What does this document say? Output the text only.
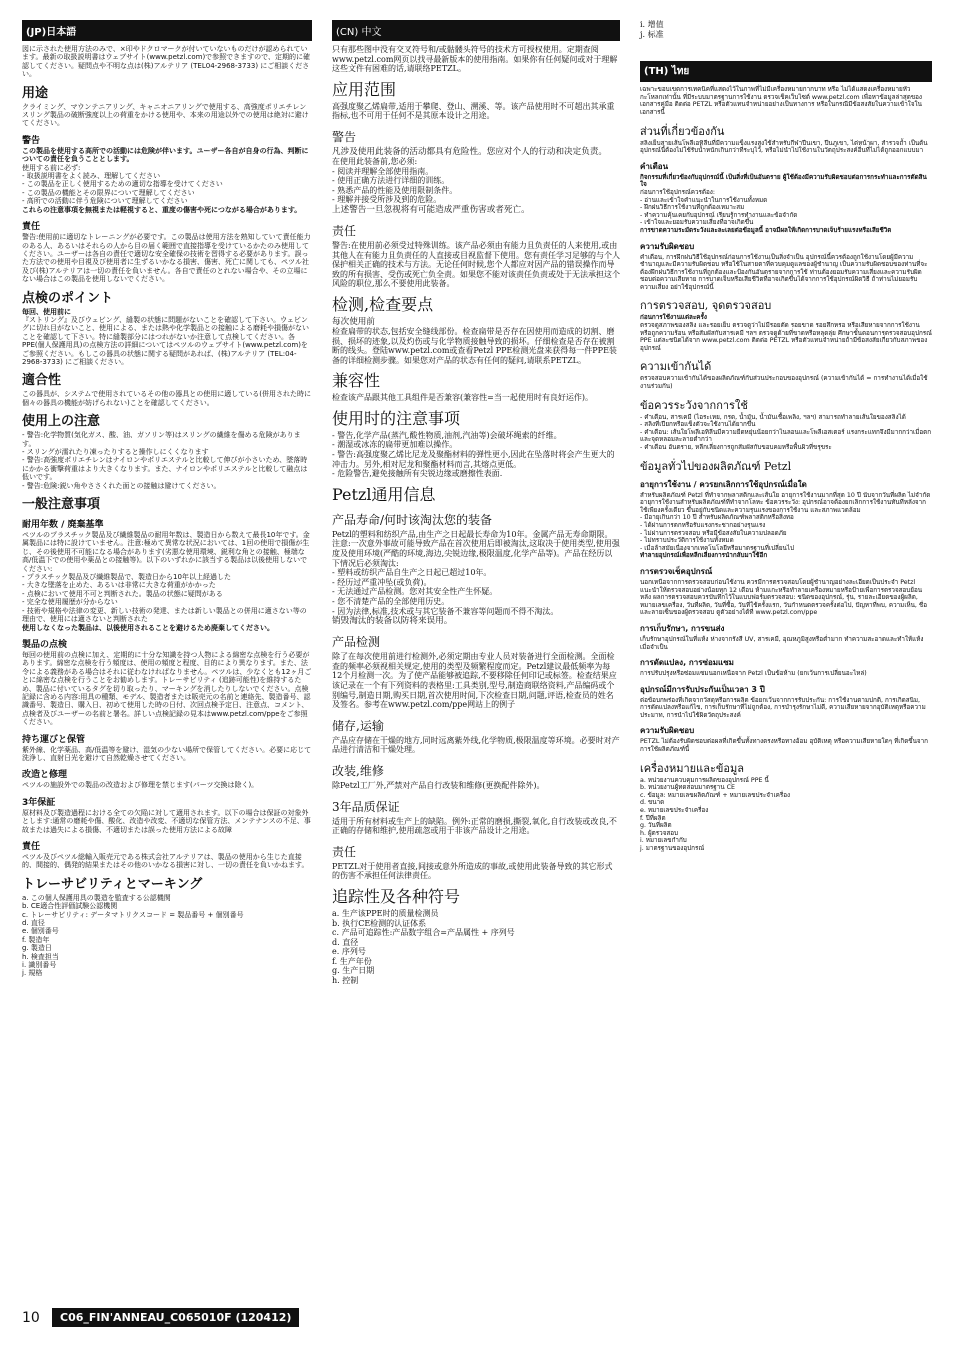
(JP)日本語

図に示された使用方法のみで、×印やドクロマークが付いていないものだけが認められています。最新の取扱説明書はウェブサイト(www.petzl.com)で参照できますので、定期的に確認してください。疑問点や不明な点は(株)アルテリア (TEL04-2968-3733) にご相談ください。

用途

クライミング、マウンテニアリング、キャニオニアリングで使用する、高強度ポリエチレンスリング製品の破断強度以上の荷重をかける使用や、本来の用途以外での使用は絶対に避けてください。

警告

この製品を使用する高所での活動には危険が伴います。ユーザー各自が自身の行為、判断についての責任を負うこととします。

使用する前に必ず:

- 取扱説明書をよく読み、理解してください
- この製品を正しく使用するための適切な指導を受けてください
- この製品の機能とその限界について理解してください
- 高所での活動に伴う危険について理解してください

これらの注意事項を無視または軽視すると、重度の傷害や死につながる場合があります。

責任

警告:使用前に適切なトレーニングが必要です。この製品は使用方法を熟知していて責任能力のある人、あるいはそれらの人から目の届く範囲で直接指導を受けているかたのみ使用してください。ユーザーは各自の責任で適切な安全確保の技術を習得する必要があります。誤った方法での使用や目視及び使用者に生ずるいかなる損害、傷害、死亡に関しても、ペツル社及び(株)アルテリアは一切の責任を負いません。各自で責任のとれない場合や、その立場にない場合はこの製品を使用しないでください。

点検のポイント

毎回、使用前に

『ストリング』及びウェビング、縫製の状態に問題がないことを確認して下さい。ウェビングに切れ目がないこと、使用による、または熱や化学製品との接触による磨耗や損傷がないことを確認して下さい。特に縫製部分にはつれがないか注意して点検してください。各PPE(個人保護用具)の点検方法の詳細についてはペツルのウェブサイト(www.petzl.com)をご参照ください。もしこの器具の状態に関する疑問があれば、(株)アルテリア (TEL:04-2968-3733) にご相談ください。

適合性

この器具が、システムで使用されているその他の器具との使用に適している(併用された時に個々の器具の機能が妨げられない)ことを確認してください。

使用上の注意
- 警告:化学物質(気化ガス、酸、油、ガソリン等)はスリングの繊維を傷める危険があります。
- スリングが濡れたり凍ったりすると操作しにくくなります
- 警告:高強度ポリエチレンはナイロンやポリエステルと比較して伸びが小さいため、墜落時にかかる衝撃荷重はより大きくなります。また、ナイロンやポリエステルと比較して融点は低いです。
- 警告:危険:鋭い角やささくれた面との接触は避けてください。
一般注意事項
耐用年数 / 廃棄基準

ペツルのプラスチック製品及び繊維製品の耐用年数は、製造日から数えて最長10年です。金属製品には特に設けていません。注意:極めて異常な状況においては、1回の使用で損傷が生じ、その後使用不可能になる場合があります(劣悪な使用環境、鋭利な角との接触、極端な高/低温下での使用や薬品との接触等)。以下のいずれかに該当する製品は以後使用しないでください:

- プラスチック製品及び繊維製品で、製造日から10年以上経過した
- 大きな墜落を止めた、あるいは非常に大きな荷重がかかった
- 点検において使用不可と判断された。製品の状態に疑問がある
- 完全な使用履歴が分からない
- 技術や規格や法律の変更、新しい技術の発達、または新しい製品との併用に適さない等の理由で、使用には適さないと判断された

使用しなくなった製品は、以後使用されることを避けるため廃棄してください。

製品の点検

毎回の使用前の点検に加え、定期的に十分な知識を持つ人物による綿密な点検を行う必要があります。綿密な点検を行う頻度は、使用の頻度と程度、目的により異なります。また、法令による義務がある場合はそれに従わなければなりません。ペツルは、少なくとも12ヶ月ごとに綿密な点検を行うことをお勧めします。トレーサビリティ (追跡可能性)を維持するため、製品に付いているタグを切り取ったり、マーキングを消したりしないでください。点検記録に含める内容:用具の種類、モデル、製造者または販売元の名前と連絡先、製造番号、認識番号、製造日、購入日、初めて使用した時の日付、次回点検予定日、注意点、コメント、点検者及びユーザーの名前と署名。詳しい点検記録の見本はwww.petzl.com/ppeをご参照ください。

持ち運びと保管

紫外線、化学薬品、高/低温等を避け、湿気の少ない場所で保管してください。必要に応じて洗浄し、直射日光を避けて自然乾燥させてください。

改造と修理

ペツルの施設外での製品の改造および修理を禁じます(パーツ交換は除く)。

3年保証

原材料及び製造過程における全ての欠陥に対して適用されます。以下の場合は保証の対象外とします:通常の磨耗や傷、酸化、改造や改変、不適切な保管方法、メンテナンスの不足、事故または過失による損傷、不適切または誤った使用方法による故障

責任

ペツル及びペツル総輸入販売元である株式会社アルテリアは、製品の使用から生じた直接的、間接的、偶発的結果またはその他のいかなる損害に対し、一切の責任を負いかねます。

トレーサビリティとマーキング
a. この個人保護用具の製造を監査する公認機関
b. CE適合性評価試験公認機関
c. トレーサビリティ: データマトリクスコード = 製品番号 + 個別番号
d. 直径
e. 個別番号
f. 製造年
g. 製造日
h. 検査担当
i. 識別番号
j. 規格
(CN) 中文

只有那些图中没有交叉符号和/或骷髅头符号的技术方可授权使用。定期查阅www.petzl.com网页以找寻最新版本的使用指南。如果你有任何疑问或对于理解这些文件有困难的话,请联络PETZL。

应用范围

高强度聚乙烯扁带,适用于攀爬、登山、溯溪、等。该产品使用时不可超出其承重指标,也不可用于任何不是其原本设计之用途。

警告

凡涉及使用此装备的活动都具有危险性。您应对个人的行动和决定负责。

在使用此装备前,您必须:

- 阅读并理解全部使用指南。
- 使用正确方法进行详细的训练。
- 熟悉产品的性能及使用限制条件。
- 理解并接受所涉及到的危险。

上述警告一旦忽视将有可能造成严重伤害或者死亡。

责任

警告:在使用前必须受过特殊训练。该产品必须由有能力且负责任的人来使用,或由其他人在有能力且负责任的人直接或目视监督下使用。您有责任学习足够的与个人保护相关正确的技术与方法。无论任何时候,您个人都应对因产品的错误操作而导致的所有损害、受伤或死亡负全责。如果您不能对该责任负责或处于无法承担这个风险的职位,那么不要使用此装备。

检测,检查要点

每次使用前

检查扁带的状态,包括安全缝线部份。检查扁带是否存在因使用而造成的切割、磨损、损坏的迹象,以及灼伤或与化学物质接触导致的损坏。仔细检查是否存在被割断的线头。登陆www.petzl.com或查看Petzl PPE检测光盘来获得每一件PPE装备的详细检测步骤。如果您对产品的状态有任何的疑问,请联系PETZL。

兼容性

检查该产品跟其他工具组件是否兼容(兼容性=当一起使用时有良好运作)。

使用时的注意事项
- 警告,化学产品(蒸汽,酸性物质,油剂,汽油等)会破坏绳索的纤维。
- 潮湿或冰冻的扁带更加难以操作。
- 警告:高强度聚乙烯比尼龙及聚酯材料的弹性更小,因此在坠落时将会产生更大的冲击力。另外,相对尼龙和聚酯材料而言,其熔点更低。
- 危险警告,避免接触所有尖锐边缘或磨擦性表面.
Petzl通用信息
产品寿命/何时该淘汰您的装备

Petzl的塑料和纺织产品,由生产之日起最长寿命为10年。金属产品无寿命期限。注意:一次意外事故可能导致产品在首次使用后即被淘汰,这取决于使用类型,使用强度及使用环境(严酷的环境,海边,尖锐边缘,极限温度,化学产品等)。产品在经历以下情况后必须淘汰:

- 塑料或纺织产品自生产之日起已超过10年。
- 经历过严重冲坠(或负荷)。
- 无法通过产品检测。您对其安全性产生怀疑。
- 您不清楚产品的全部使用历史。
- 因为法律,标准,技术或与其它装备不兼容等问题而不得不淘汰。

销毁淘汰的装备以防将来误用。

产品检测

除了在每次使用前进行检测外,必须定期由专业人员对装备进行全面检测。全面检查的频率必须视相关规定,使用的类型及频繁程度而定。Petzl建议最低频率为每12个月检测一次。为了使产品能够被追踪,不要移除任何印记或标签。检查结果应该记录在一个有下列资料的表格里:工具类别,型号,制造商联络资料,产品编码或个别编号,制造日期,购买日期,首次使用时间,下次检查日期,问题,评语,检查员的姓名及签名。参考在www.petzl.com/ppe网站上的例子

储存,运输

产品应存储在干燥的地方,同时远离紫外线,化学物质,极限温度等环境。必要时对产品进行清洁和干燥处理。

改装,维修

除Petzl工厂外,严禁对产品自行改装和维修(更换配件除外)。

3年品质保证

适用于所有材料或生产上的缺陷。例外:正常的磨损,撕裂,氧化,自行改装或改良,不正确的存储和维护,使用疏忽或用于非该产品设计之用途。

责任

PETZL对于使用者直接,间接或意外所造成的事故,或使用此装备导致的其它形式的伤害不承担任何法律责任。

追踪性及各种符号
a. 生产该PPE时的质量检测员
b. 执行CE检测的认证体系
c. 产品可追踪性:产品数字组合=产品属性 + 序列号
d. 直径
e. 序列号
f. 生产年份
g. 生产日期
h. 控制
i. 增值
j. 标准
(TH) ไทย

เฉพาะขอบเขตการเทคนิคที่แสดงไว้ในภาพที่ไม่มีเครื่องหมายกากบาท หรือ ไม่ได้แสดงเครื่องหมายหัวกะโหลกเท่านั้น ที่มีระบบมาตรฐานการใช้งาน ตรวจเช็คเว็บไซต์ www.petzl.com เพื่อหาข้อมูลล่าสุดของเอกสารคู่มือ ติดต่อ PETZL หรือตัวแทนจำหน่ายอย่างเป็นทางการ หรือในกรณีมีข้อสงสัยในความเข้าใจในเอกสารนี้

ส่วนที่เกี่ยวข้องกัน

สลิงเย็บสายเส้นโพลีเอทิลีนที่มีความแข็งแรงสูงใช้สำหรับกีฬาปีนเขา, ปีนภูเขา, ไต่หน้าผา, สำรวจถ้ำ เป็นต้น อุปกรณ์นี้ต้องไม่ใช้รับน้ำหนักเกินกว่าที่ระบุไว้, หรือไม่นำไปใช้งานในวัตถุประสงค์อื่นที่ไม่ได้ถูกออกแบบมา

คำเตือน

กิจกรรมที่เกี่ยวข้องกับอุปกรณ์นี้ เป็นสิ่งที่เป็นอันตราย ผู้ใช้ต้องมีความรับผิดชอบต่อการกระทำและการตัดสินใจ

ก่อนการใช้อุปกรณ์ควรต้อง:

- อ่านและเข้าใจคำแนะนำในการใช้งานทั้งหมด
- ฝึกฝนวิธีการใช้งานที่ถูกต้องเหมาะสม
- ทำความคุ้นเคยกับอุปกรณ์ เรียนรู้การทำงานและข้อจำกัด
- เข้าใจและยอมรับความเสี่ยงที่อาจเกิดขึ้น

การขาดความระมัดระวังและละเลยต่อข้อมูลนี้ อาจมีผลให้เกิดการบาดเจ็บร้ายแรงหรือเสียชีวิต

ความรับผิดชอบ

คำเตือน, การฝึกฝนวิธีใช้อุปกรณ์ก่อนการใช้งานเป็นสิ่งจำเป็น อุปกรณ์นี้ควรต้องถูกใช้งานโดยผู้มีความชำนาญและมีความรับผิดชอบ หรือใช้ในสายตาที่ควบคุมดูแลของผู้ชำนาญ เป็นความรับผิดชอบของท่านที่จะต้องฝึกฝนวิธีการใช้งานที่ถูกต้องและป้องกันอันตรายจากการใช้ ท่านต้องยอมรับความเสี่ยงและความรับผิดชอบต่อความเสียหาย การบาดเจ็บหรือเสียชีวิตที่อาจเกิดขึ้นได้จากการใช้อุปกรณ์ผิดวิธี ถ้าท่านไม่ยอมรับความเสี่ยง อย่าใช้อุปกรณ์นี้

การตรวจสอบ, จุดตรวจสอบ

ก่อนการใช้งานแต่ละครั้ง

ตรวจดูสภาพของสลิง และรอยเย็บ ตรวจดูว่าไม่มีรอยตัด รอยขาด รอยสึกหรอ หรือเสียหายจากการใช้งาน หรือถูกความร้อน หรือสัมผัสกับสารเคมี ฯลฯ ตรวจดูด้ายที่ขาดหรือหลุดลุ่ย ศึกษาขั้นตอนการตรวจสอบอุปกรณ์ PPE แต่ละชนิดได้จาก www.petzl.com ติดต่อ PETZL หรือตัวแทนจำหน่ายถ้ามีข้อสงสัยเกี่ยวกับสภาพของอุปกรณ์

ความเข้ากันได้

ตรวจสอบความเข้ากันได้ของผลิตภัณฑ์กับส่วนประกอบของอุปกรณ์ (ความเข้ากันได้ = การทำงานได้เมื่อใช้งานร่วมกัน)

ข้อควรระวังจากการใช้
- คำเตือน, สารเคมี (ไอระเหย, กรด, น้ำมัน, น้ำมันเชื้อเพลิง, ฯลฯ) สามารถทำลายเส้นใยของสลิงได้
- สลิงที่เปียกหรือแข็งตัวจะใช้งานได้ยากขึ้น
- คำเตือน: เส้นใยโพลีเอทิลีนมีความยืดหยุ่นน้อยกว่าไนลอนและโพลีเอสเตอร์ แรงกระแทกจึงมีมากกว่าเมื่อตก และจุดหลอมละลายต่ำกว่า
- คำเตือน อันตราย, หลีกเลี่ยงการถูกสัมผัสกับขอบคมหรือพื้นผิวที่ขรุขระ
ข้อมูลทั่วไปของผลิตภัณฑ์ Petzl
อายุการใช้งาน / ควรยกเลิกการใช้อุปกรณ์เมื่อใด

สำหรับผลิตภัณฑ์ Petzl ที่ทำจากพลาสติกและเส้นใย อายุการใช้งานมากที่สุด 10 ปี นับจากวันที่ผลิต ไม่จำกัดอายุการใช้งานสำหรับผลิตภัณฑ์ที่ทำจากโลหะ ข้อควรระวัง: อุปกรณ์อาจต้องยกเลิกการใช้งานทันทีหลังจากใช้เพียงครั้งเดียว ขึ้นอยู่กับชนิดและความรุนแรงของการใช้งาน และสภาพแวดล้อม

- มีอายุเกินกว่า 10 ปี สำหรับผลิตภัณฑ์พลาสติกหรือสิ่งทอ
- ได้ผ่านการตกหรือรับแรงกระชากอย่างรุนแรง
- ไม่ผ่านการตรวจสอบ หรือมีข้อสงสัยในความปลอดภัย
- ไม่ทราบประวัติการใช้งานทั้งหมด
- เมื่อล้าสมัยเนื่องจากเทคโนโลยีหรือมาตรฐานที่เปลี่ยนไป

ทำลายอุปกรณ์เพื่อหลีกเลี่ยงการนำกลับมาใช้อีก

การตรวจเช็คอุปกรณ์

นอกเหนือจากการตรวจสอบก่อนใช้งาน ควรมีการตรวจสอบโดยผู้ชำนาญอย่างละเอียดเป็นประจำ Petzl แนะนำให้ตรวจสอบอย่างน้อยทุก 12 เดือน ห้ามแกะหรือทำลายเครื่องหมายหรือป้ายเพื่อการตรวจสอบย้อนหลัง ผลการตรวจสอบควรบันทึกไว้ในแบบฟอร์มตรวจสอบ: ชนิดของอุปกรณ์, รุ่น, รายละเอียดของผู้ผลิต, หมายเลขเครื่อง, วันที่ผลิต, วันที่ซื้อ, วันที่ใช้ครั้งแรก, วันกำหนดตรวจครั้งต่อไป, ปัญหาที่พบ, ความเห็น, ชื่อและลายเซ็นของผู้ตรวจสอบ ดูตัวอย่างได้ที่ www.petzl.com/ppe

การเก็บรักษา, การขนส่ง

เก็บรักษาอุปกรณ์ในที่แห้ง ห่างจากรังสี UV, สารเคมี, อุณหภูมิสูงหรือต่ำมาก ทำความสะอาดและทำให้แห้งเมื่อจำเป็น

การดัดแปลง, การซ่อมแซม

การปรับปรุงหรือซ่อมแซมนอกเหนือจาก Petzl เป็นข้อห้าม (ยกเว้นการเปลี่ยนอะไหล่)

อุปกรณ์มีการรับประกันเป็นเวลา 3 ปี

ต่อข้อบกพร่องที่เกิดจากวัสดุหรือการผลิต ข้อยกเว้นจากการรับประกัน: การใช้งานตามปกติ, การเกิดสนิม, การดัดแปลงหรือแก้ไข, การเก็บรักษาที่ไม่ถูกต้อง, การบำรุงรักษาไม่ดี, ความเสียหายจากอุบัติเหตุหรือความประมาท, การนำไปใช้ผิดวัตถุประสงค์

ความรับผิดชอบ

PETZL ไม่ต้องรับผิดชอบต่อผลที่เกิดขึ้นทั้งทางตรงหรือทางอ้อม อุบัติเหตุ หรือความเสียหายใดๆ ที่เกิดขึ้นจากการใช้ผลิตภัณฑ์นี้

เครื่องหมายและข้อมูล
a. หน่วยงานควบคุมการผลิตของอุปกรณ์ PPE นี้
b. หน่วยงานผู้ทดสอบมาตรฐาน CE
c. ข้อมูล: หมายเลขผลิตภัณฑ์ + หมายเลขประจำเครื่อง
d. ขนาด
e. หมายเลขประจำเครื่อง
f. ปีที่ผลิต
g. วันที่ผลิต
h. ผู้ตรวจสอบ
i. หมายเลขกำกับ
j. มาตรฐานของอุปกรณ์
10	C06_FIN'ANNEAU_C065010F (120412)
